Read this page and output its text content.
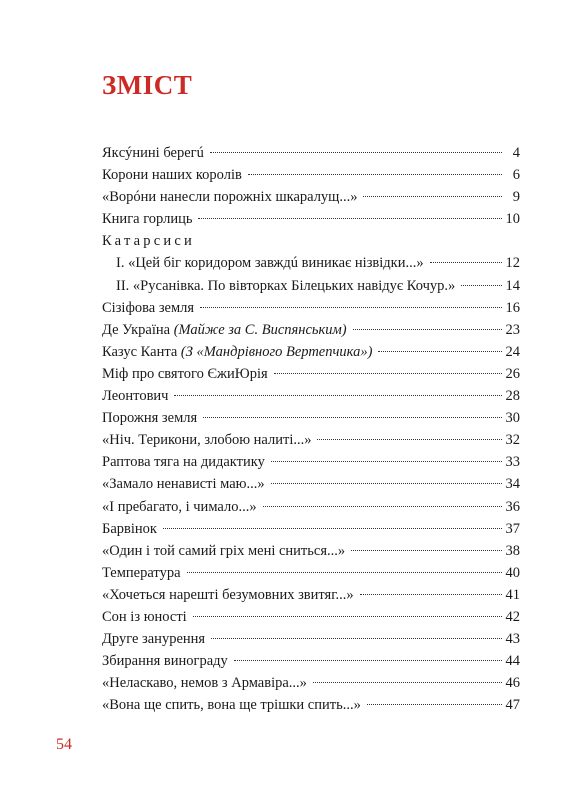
ЗМІСТ
Якcýнині берегú	4
Корони наших королів	6
«Ворóни нанесли порожніх шкаралущ...»	9
Книга горлиць	10
Катарсиси
I. «Цей біг коридором завждú виникає нізвідки...»	12
II. «Русанівка. По вівторках Білецьких навідує Кочур.»	14
Сізіфова земля	16
Де Україна (Майже за С. Виспянським)	23
Казус Канта (З «Мандрівного Вертепчика»)	24
Міф про святого ЄжиЮрія	26
Леонтович	28
Порожня земля	30
«Ніч. Терикони, злобою налиті...»	32
Раптова тяга на дидактику	33
«Замало ненависті маю...»	34
«І пребагато, і чимало...»	36
Барвінок	37
«Один і той самий гріх мені сниться...»	38
Температура	40
«Хочеться нарешті безумовних звитяг...»	41
Сон із юності	42
Друге занурення	43
Збирання винограду	44
«Нелаcкаво, немов з Армавіра...»	46
«Вона ще спить, вона ще трішки спить...»	47

54
